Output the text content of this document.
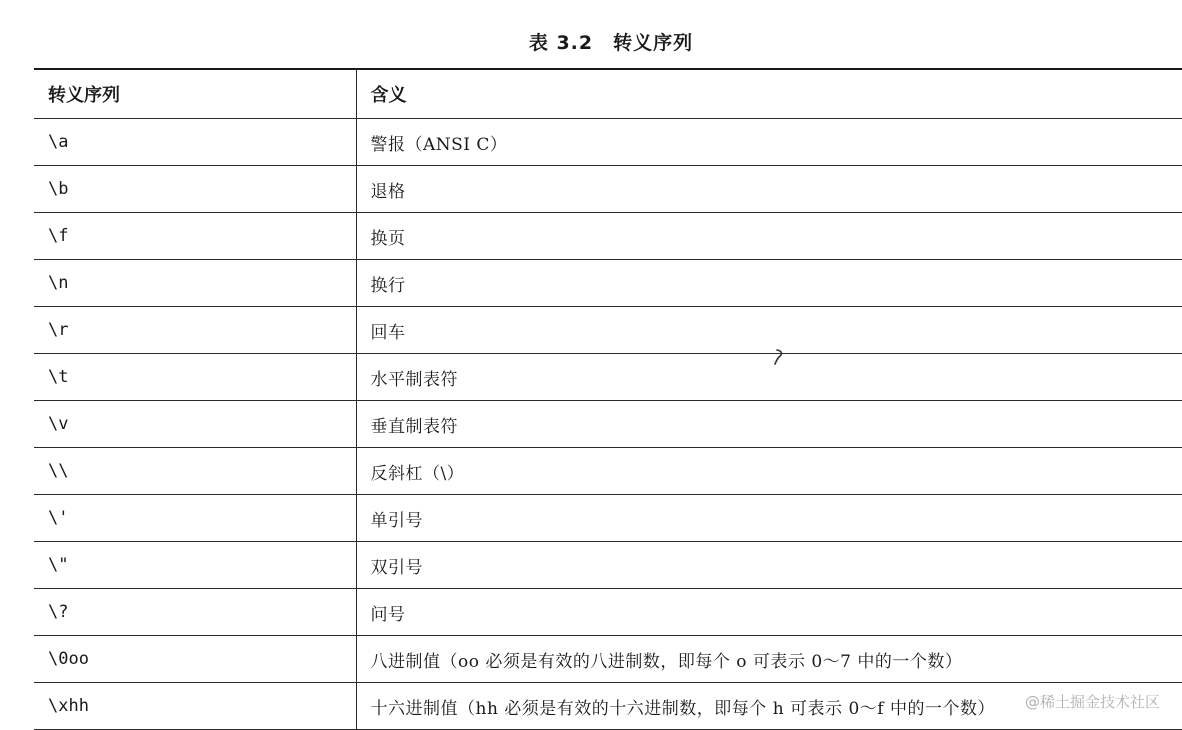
表 3.2 转义序列
转义序列	含义
\a	警报（ANSI C）
\b	退格
\f	换页
\n	换行
\r	回车
\t	水平制表符
\v	垂直制表符
\\	反斜杠（\）
\'	单引号
\"	双引号
\?	问号
\0oo	八进制值（oo 必须是有效的八进制数，即每个 o 可表示 0～7 中的一个数）
\xhh	十六进制值（hh 必须是有效的十六进制数，即每个 h 可表示 0～f 中的一个数） @稀土掘金技术社区
